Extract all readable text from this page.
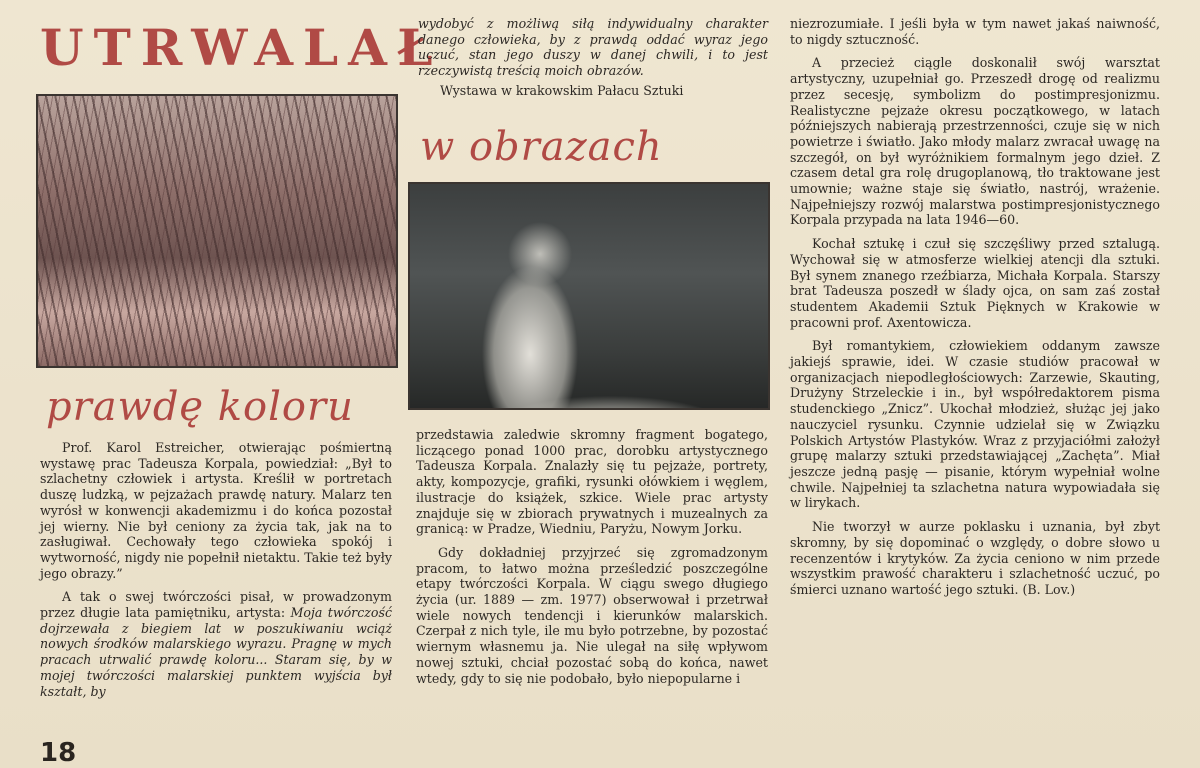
UTRWALAŁ
prawdę koloru

Prof. Karol Estreicher, otwierając pośmiertną wystawę prac Tadeusza Korpala, powiedział: „Był to szlachetny człowiek i artysta. Kreślił w portretach duszę ludzką, w pejzażach prawdę natury. Malarz ten wyrósł w konwencji akademizmu i do końca pozostał jej wierny. Nie był ceniony za życia tak, jak na to zasługiwał. Cechowały tego człowieka spokój i wytworność, nigdy nie popełnił nietaktu. Takie też były jego obrazy.”

A tak o swej twórczości pisał, w prowadzonym przez długie lata pamiętniku, artysta: Moja twórczość dojrzewała z biegiem lat w poszukiwaniu wciąż nowych środków malarskiego wyrazu. Pragnę w mych pracach utrwalić prawdę koloru... Staram się, by w mojej twórczości malarskiej punktem wyjścia był kształt, by

wydobyć z możliwą siłą indywidualny charakter danego człowieka, by z prawdą oddać wyraz jego uczuć, stan jego duszy w danej chwili, i to jest rzeczywistą treścią moich obrazów.

Wystawa w krakowskim Pałacu Sztuki

w obrazach

przedstawia zaledwie skromny fragment bogatego, liczącego ponad 1000 prac, dorobku artystycznego Tadeusza Korpala. Znalazły się tu pejzaże, portrety, akty, kompozycje, grafiki, rysunki ołówkiem i węglem, ilustracje do książek, szkice. Wiele prac artysty znajduje się w zbiorach prywatnych i muzealnych za granicą: w Pradze, Wiedniu, Paryżu, Nowym Jorku.

Gdy dokładniej przyjrzeć się zgromadzonym pracom, to łatwo można prześledzić poszczególne etapy twórczości Korpala. W ciągu swego długiego życia (ur. 1889 — zm. 1977) obserwował i przetrwał wiele nowych tendencji i kierunków malarskich. Czerpał z nich tyle, ile mu było potrzebne, by pozostać wiernym własnemu ja. Nie ulegał na siłę wpływom nowej sztuki, chciał pozostać sobą do końca, nawet wtedy, gdy to się nie podobało, było niepopularne i

niezrozumiałe. I jeśli była w tym nawet jakaś naiwność, to nigdy sztuczność.

A przecież ciągle doskonalił swój warsztat artystyczny, uzupełniał go. Przeszedł drogę od realizmu przez secesję, symbolizm do postimpresjonizmu. Realistyczne pejzaże okresu początkowego, w latach późniejszych nabierają przestrzenności, czuje się w nich powietrze i światło. Jako młody malarz zwracał uwagę na szczegół, on był wyróżnikiem formalnym jego dzieł. Z czasem detal gra rolę drugoplanową, tło traktowane jest umownie; ważne staje się światło, nastrój, wrażenie. Najpełniejszy rozwój malarstwa postimpresjonistycznego Korpala przypada na lata 1946—60.

Kochał sztukę i czuł się szczęśliwy przed sztalugą. Wychował się w atmosferze wielkiej atencji dla sztuki. Był synem znanego rzeźbiarza, Michała Korpala. Starszy brat Tadeusza poszedł w ślady ojca, on sam zaś został studentem Akademii Sztuk Pięknych w Krakowie w pracowni prof. Axentowicza.

Był romantykiem, człowiekiem oddanym zawsze jakiejś sprawie, idei. W czasie studiów pracował w organizacjach niepodległościowych: Zarzewie, Skauting, Drużyny Strzeleckie i in., był współredaktorem pisma studenckiego „Znicz”. Ukochał młodzież, służąc jej jako nauczyciel rysunku. Czynnie udzielał się w Związku Polskich Artystów Plastyków. Wraz z przyjaciółmi założył grupę malarzy sztuki przedstawiającej „Zachęta”. Miał jeszcze jedną pasję — pisanie, którym wypełniał wolne chwile. Najpełniej ta szlachetna natura wypowiadała się w lirykach.

Nie tworzył w aurze poklasku i uznania, był zbyt skromny, by się dopominać o względy, o dobre słowo u recenzentów i krytyków. Za życia ceniono w nim przede wszystkim prawość charakteru i szlachetność uczuć, po śmierci uznano wartość jego sztuki. (B. Lov.)

18
